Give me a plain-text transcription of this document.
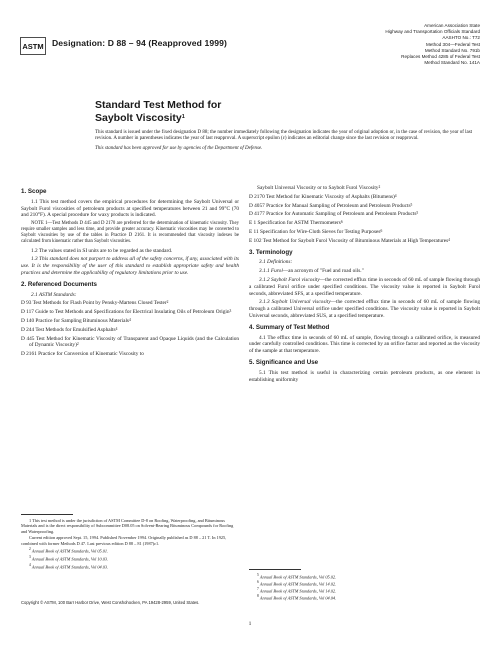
ASTM Designation: D 88 – 94 (Reapproved 1999)
American Association State
Highway and Transportation Officials Standard
AASHTO No.: T72
Method 304—Federal Test
Method Standard No. 791b
Replaces Method 4285 of Federal Test
Method Standard No. 141A
Standard Test Method for
Saybolt Viscosity$^1$

This standard is issued under the fixed designation D 88; the number immediately following the designation indicates the year of original adoption or, in the case of revision, the year of last revision. A number in parentheses indicates the year of last reapproval. A superscript epsilon (ε) indicates an editorial change since the last revision or reapproval.

This standard has been approved for use by agencies of the Department of Defense.

1. Scope

1.1 This test method covers the empirical procedures for determining the Saybolt Universal or Saybolt Furol viscosities of petroleum products at specified temperatures between 21 and 99°C (70 and 210°F). A special procedure for waxy products is indicated.

NOTE 1—Test Methods D 445 and D 2170 are preferred for the determination of kinematic viscosity. They require smaller samples and less time, and provide greater accuracy. Kinematic viscosities may be converted to Saybolt viscosities by use of the tables in Practice D 2161. It is recommended that viscosity indexes be calculated from kinematic rather than Saybolt viscosities.

1.2 The values stated in SI units are to be regarded as the standard.

1.3 This standard does not purport to address all of the safety concerns, if any, associated with its use. It is the responsibility of the user of this standard to establish appropriate safety and health practices and determine the applicability of regulatory limitations prior to use.

2. Referenced Documents

2.1 ASTM Standards:

D 93 Test Methods for Flash Point by Pensky-Martens Closed Tester$^2$

D 117 Guide to Test Methods and Specifications for Electrical Insulating Oils of Petroleum Origin$^3$

D 140 Practice for Sampling Bituminous Materials$^4$

D 244 Test Methods for Emulsified Asphalts$^4$

D 445 Test Method for Kinematic Viscosity of Transparent and Opaque Liquids (and the Calculation of Dynamic Viscosity)$^2$

D 2161 Practice for Conversion of Kinematic Viscosity to

Saybolt Universal Viscosity or to Saybolt Furol Viscosity$^2$

D 2170 Test Method for Kinematic Viscosity of Asphalts (Bitumens)$^4$

D 4057 Practice for Manual Sampling of Petroleum and Petroleum Products$^5$

D 4177 Practice for Automatic Sampling of Petroleum and Petroleum Products$^5$

E 1 Specification for ASTM Thermometers$^6$

E 11 Specification for Wire-Cloth Sieves for Testing Purposes$^6$

E 102 Test Method for Saybolt Furol Viscosity of Bituminous Materials at High Temperatures$^4$

3. Terminology

3.1 Definitions:

3.1.1 Furol—an acronym of "Fuel and road oils."

3.1.2 Saybolt Furol viscosity—the corrected efflux time in seconds of 60 mL of sample flowing through a calibrated Furol orifice under specified conditions. The viscosity value is reported in Saybolt Furol seconds, abbreviated SFS, at a specified temperature.

3.1.3 Saybolt Universal viscosity—the corrected efflux time in seconds of 60 mL of sample flowing through a calibrated Universal orifice under specified conditions. The viscosity value is reported in Saybolt Universal seconds, abbreviated SUS, at a specified temperature.

4. Summary of Test Method

4.1 The efflux time in seconds of 60 mL of sample, flowing through a calibrated orifice, is measured under carefully controlled conditions. This time is corrected by an orifice factor and reported as the viscosity of the sample at that temperature.

5. Significance and Use

5.1 This test method is useful in characterizing certain petroleum products, as one element in establishing uniformity

1 This test method is under the jurisdiction of ASTM Committee D-8 on Roofing, Waterproofing, and Bituminous Materials and is the direct responsibility of Subcommittee D08.05 on Solvent-Bearing Bituminous Compounds for Roofing and Waterproofing.

Current edition approved Sept. 15, 1994. Published November 1994. Originally published as D 88 – 21 T. In 1925, combined with former Methods D 47. Last previous edition D 88 – 81 (1987)ε1.

$^2$ Annual Book of ASTM Standards, Vol 05.01.

$^3$ Annual Book of ASTM Standards, Vol 10.03.

$^4$ Annual Book of ASTM Standards, Vol 04.03.

$^5$ Annual Book of ASTM Standards, Vol 05.02.

$^6$ Annual Book of ASTM Standards, Vol 14.02.

$^7$ Annual Book of ASTM Standards, Vol 14.02.

$^8$ Annual Book of ASTM Standards, Vol 04.04.

Copyright © ASTM, 100 Barr Harbor Drive, West Conshohocken, PA 19428-2959, United States.
1
